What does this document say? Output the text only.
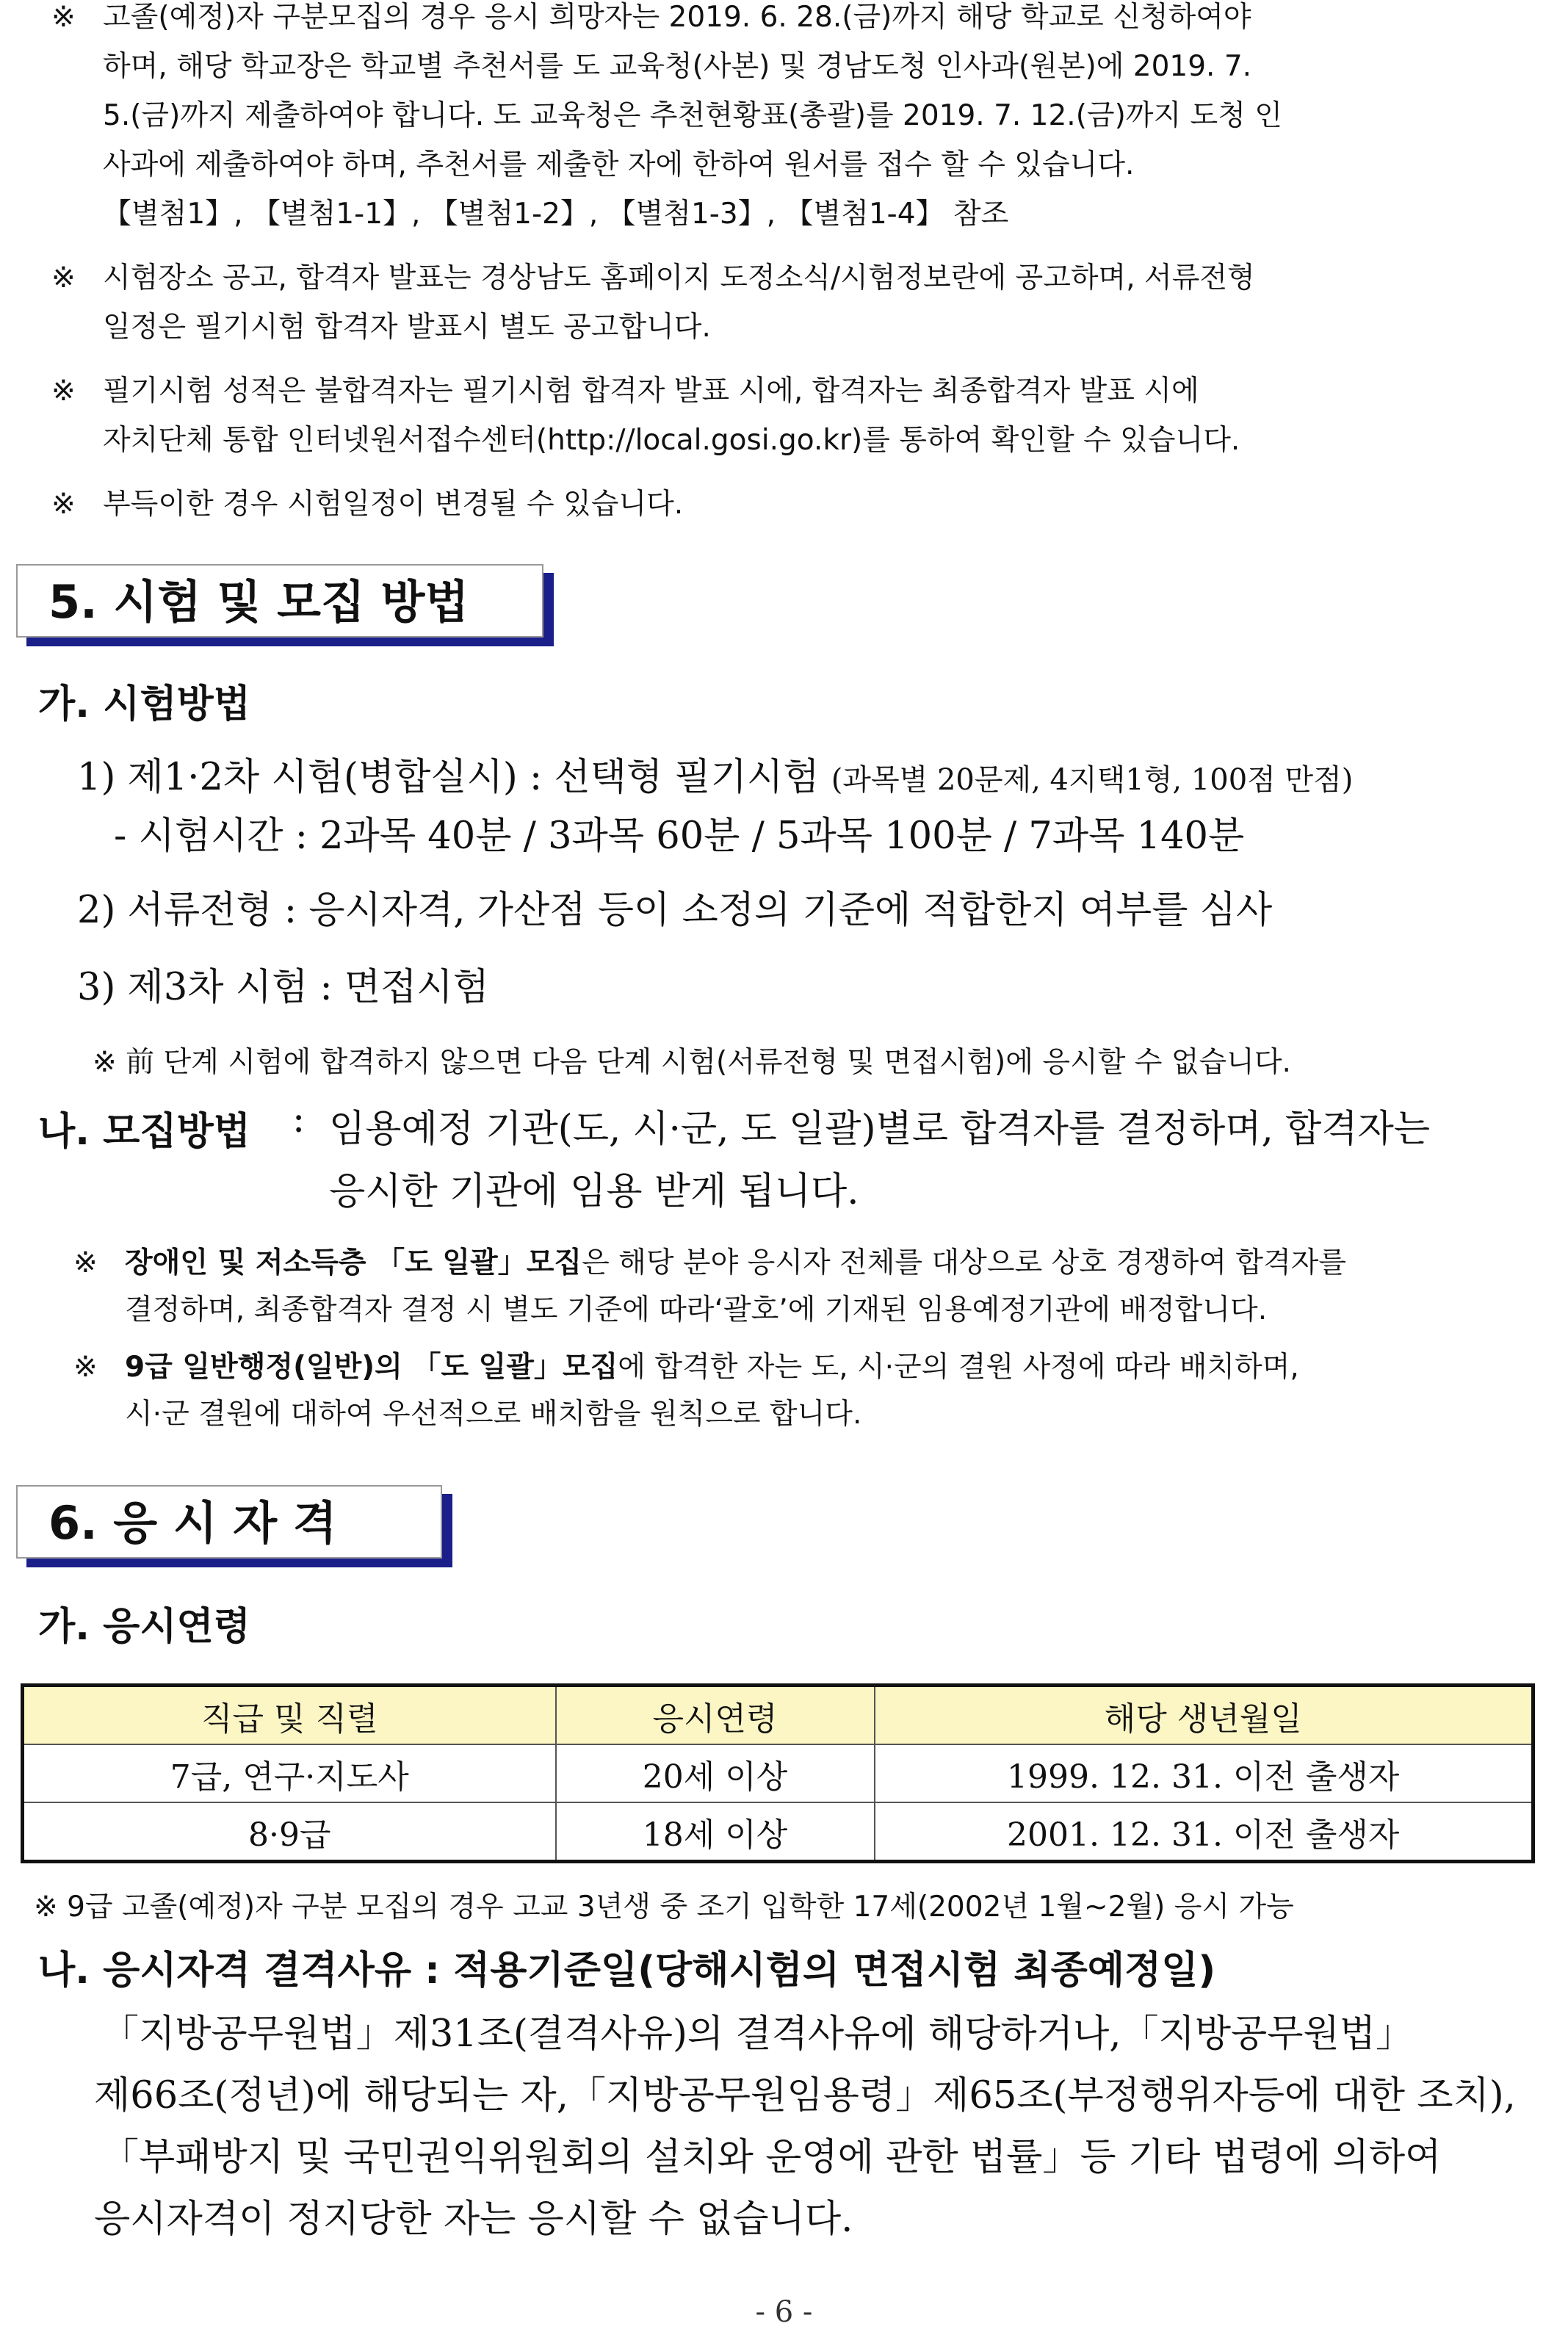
※ 고졸(예정)자 구분모집의 경우 응시 희망자는 2019. 6. 28.(금)까지 해당 학교로 신청하여야
하며, 해당 학교장은 학교별 추천서를 도 교육청(사본) 및 경남도청 인사과(원본)에 2019. 7.
5.(금)까지 제출하여야 합니다. 도 교육청은 추천현황표(총괄)를 2019. 7. 12.(금)까지 도청 인
사과에 제출하여야 하며, 추천서를 제출한 자에 한하여 원서를 접수 할 수 있습니다.
【별첨1】, 【별첨1-1】, 【별첨1-2】, 【별첨1-3】, 【별첨1-4】 참조
※ 시험장소 공고, 합격자 발표는 경상남도 홈페이지 도정소식/시험정보란에 공고하며, 서류전형
일정은 필기시험 합격자 발표시 별도 공고합니다.
※ 필기시험 성적은 불합격자는 필기시험 합격자 발표 시에, 합격자는 최종합격자 발표 시에
자치단체 통합 인터넷원서접수센터(http://local.gosi.go.kr)를 통하여 확인할 수 있습니다.
※ 부득이한 경우 시험일정이 변경될 수 있습니다.
5. 시험 및 모집 방법
가. 시험방법
1) 제1·2차 시험(병합실시) : 선택형 필기시험 (과목별 20문제, 4지택1형, 100점 만점)
- 시험시간 : 2과목 40분 / 3과목 60분 / 5과목 100분 / 7과목 140분
2) 서류전형 : 응시자격, 가산점 등이 소정의 기준에 적합한지 여부를 심사
3) 제3차 시험 : 면접시험
※ 前 단계 시험에 합격하지 않으면 다음 단계 시험(서류전형 및 면접시험)에 응시할 수 없습니다.
나. 모집방법 : 임용예정 기관(도, 시·군, 도 일괄)별로 합격자를 결정하며, 합격자는
응시한 기관에 임용 받게 됩니다.
※ 장애인 및 저소득층 「도 일괄」모집은 해당 분야 응시자 전체를 대상으로 상호 경쟁하여 합격자를
결정하며, 최종합격자 결정 시 별도 기준에 따라‘괄호’에 기재된 임용예정기관에 배정합니다.
※ 9급 일반행정(일반)의 「도 일괄」모집에 합격한 자는 도, 시·군의 결원 사정에 따라 배치하며,
시·군 결원에 대하여 우선적으로 배치함을 원칙으로 합니다.
6. 응 시 자 격
가. 응시연령
직급 및 직렬	응시연령	해당 생년월일
7급, 연구·지도사	20세 이상	1999. 12. 31. 이전 출생자
8·9급	18세 이상	2001. 12. 31. 이전 출생자
※ 9급 고졸(예정)자 구분 모집의 경우 고교 3년생 중 조기 입학한 17세(2002년 1월~2월) 응시 가능
나. 응시자격 결격사유 : 적용기준일(당해시험의 면접시험 최종예정일)
「지방공무원법」제31조(결격사유)의 결격사유에 해당하거나,「지방공무원법」
제66조(정년)에 해당되는 자,「지방공무원임용령」제65조(부정행위자등에 대한 조치),
「부패방지 및 국민권익위원회의 설치와 운영에 관한 법률」등 기타 법령에 의하여
응시자격이 정지당한 자는 응시할 수 없습니다.
- 6 -
